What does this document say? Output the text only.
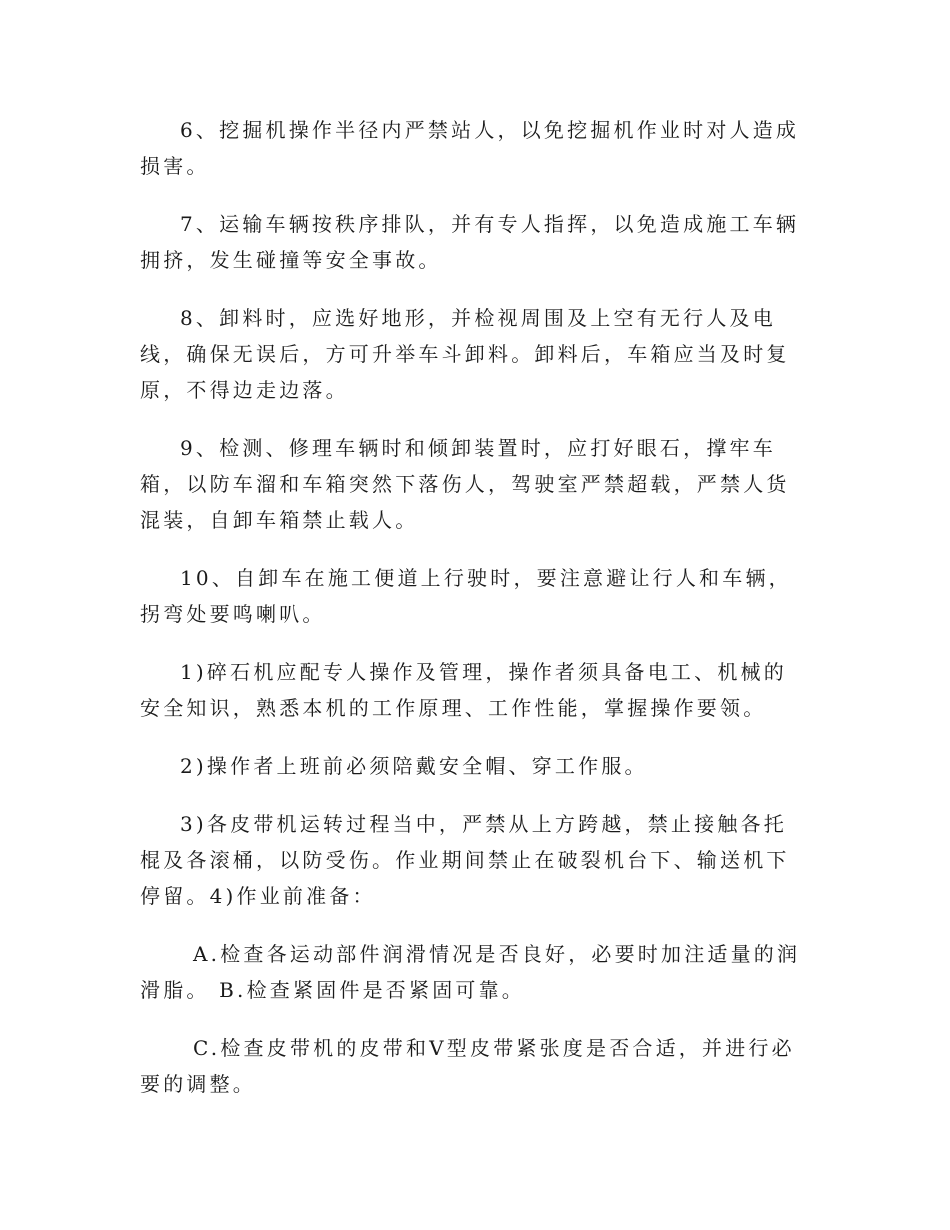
6、挖掘机操作半径内严禁站人，以免挖掘机作业时对人造成损害。

7、运输车辆按秩序排队，并有专人指挥，以免造成施工车辆拥挤，发生碰撞等安全事故。

8、卸料时，应选好地形，并检视周围及上空有无行人及电线，确保无误后，方可升举车斗卸料。卸料后，车箱应当及时复原，不得边走边落。

9、检测、修理车辆时和倾卸装置时，应打好眼石，撑牢车箱，以防车溜和车箱突然下落伤人，驾驶室严禁超载，严禁人货混装，自卸车箱禁止载人。

10、自卸车在施工便道上行驶时，要注意避让行人和车辆，拐弯处要鸣喇叭。

1)碎石机应配专人操作及管理，操作者须具备电工、机械的安全知识，熟悉本机的工作原理、工作性能，掌握操作要领。

2)操作者上班前必须陪戴安全帽、穿工作服。

3)各皮带机运转过程当中，严禁从上方跨越，禁止接触各托棍及各滚桶，以防受伤。作业期间禁止在破裂机台下、输送机下停留。4)作业前准备：

A.检查各运动部件润滑情况是否良好，必要时加注适量的润滑脂。 B.检查紧固件是否紧固可靠。

C.检查皮带机的皮带和V型皮带紧张度是否合适，并进行必要的调整。
